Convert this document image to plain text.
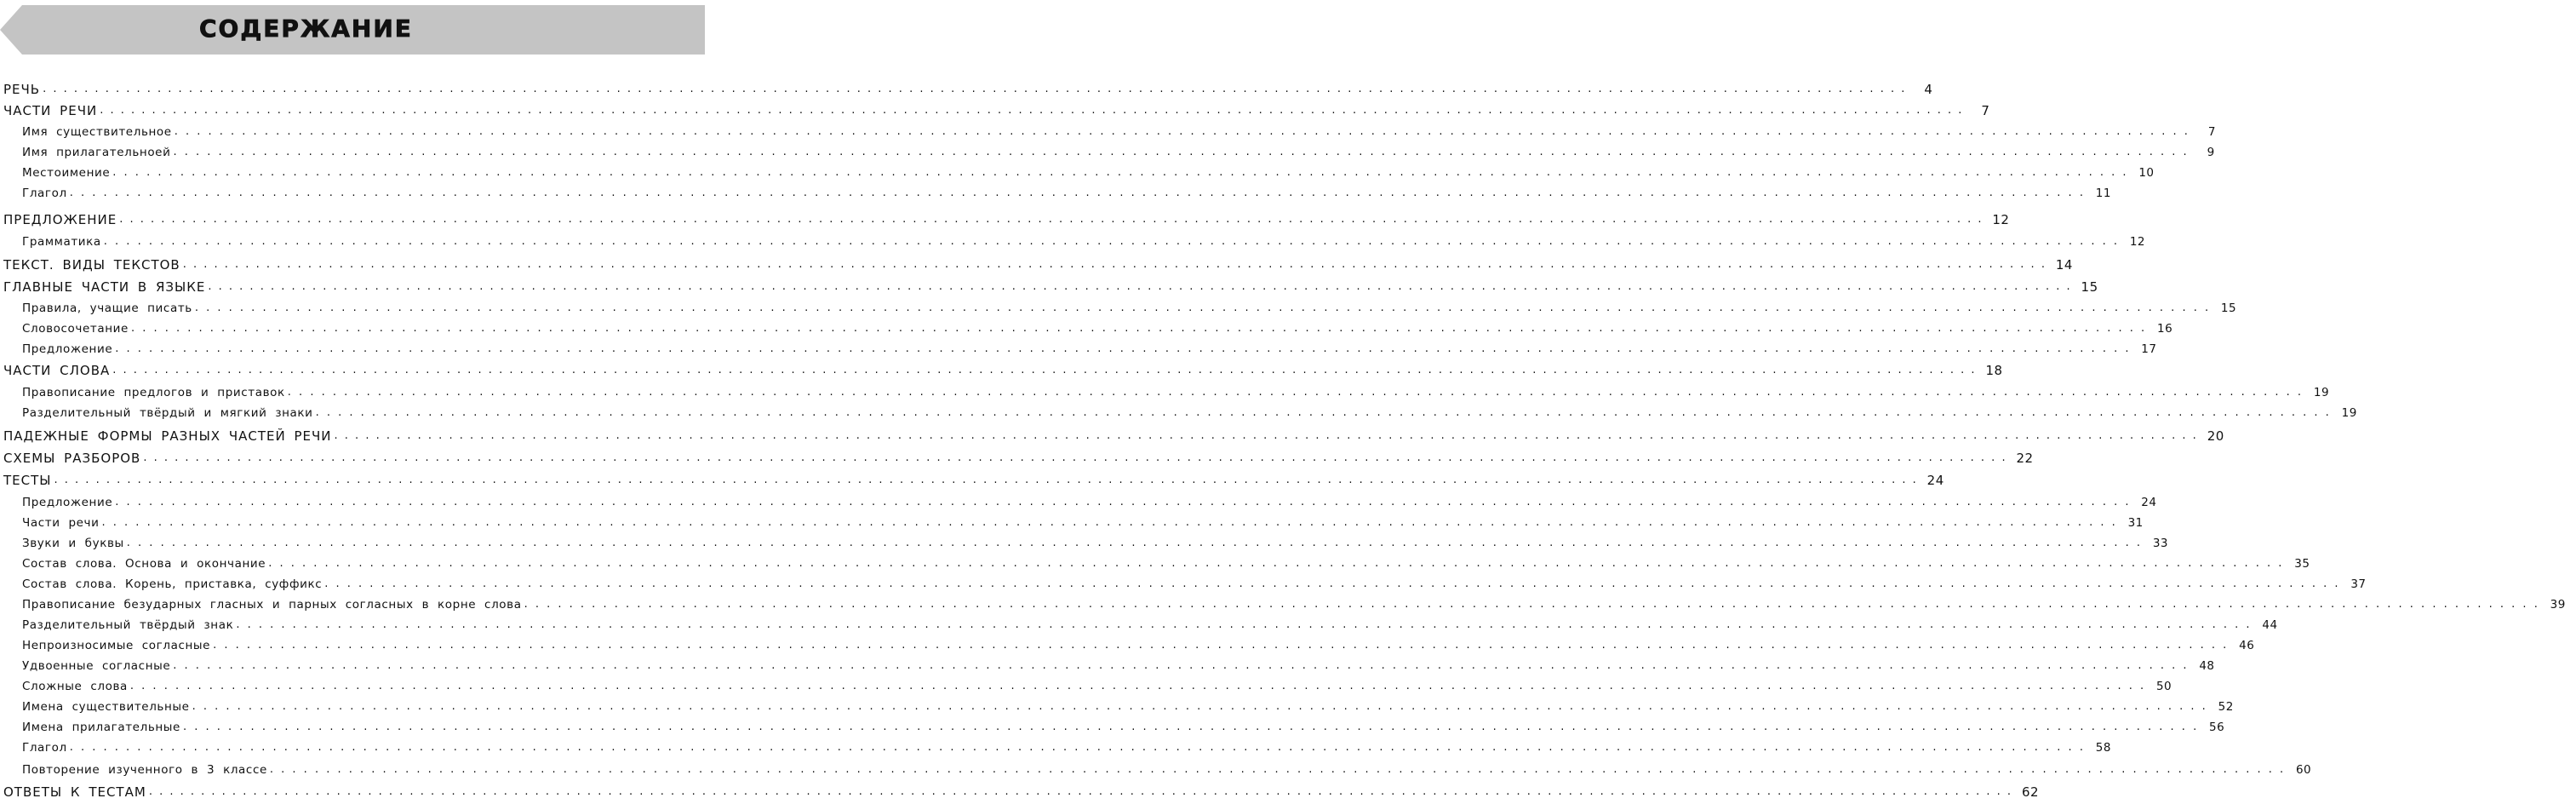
СОДЕРЖАНИЕ
РЕЧЬ . . .	4
ЧАСТИ РЕЧИ . . .	7
Имя существительное . . .	7
Имя прилагательноей . . .	9
Местоимение . . .	10
Глагол . . .	11
ПРЕДЛОЖЕНИЕ . . .	12
Грамматика . . .	12
ТЕКСТ. ВИДЫ ТЕКСТОВ . . .	14
ГЛАВНЫЕ ЧАСТИ В ЯЗЫКЕ . . .	15
Правила, учащие писать . . .	15
Словосочетание . . .	16
Предложение . . .	17
ЧАСТИ СЛОВА . . .	18
Правописание предлогов и приставок . . .	19
Разделительный твёрдый и мягкий знаки . . .	19
ПАДЕЖНЫЕ ФОРМЫ РАЗНЫХ ЧАСТЕЙ РЕЧИ . . .	20
СХЕМЫ РАЗБОРОВ . . .	22
ТЕСТЫ . . .	24
Предложение . . .	24
Части речи . . .	31
Звуки и буквы . . .	33
Состав слова. Основа и окончание . . .	35
Состав слова. Корень, приставка, суффикс . . .	37
Правописание безударных гласных и парных согласных в корне слова . . .	39
Разделительный твёрдый знак . . .	44
Непроизносимые согласные . . .	46
Удвоенные согласные . . .	48
Сложные слова . . .	50
Имена существительные . . .	52
Имена прилагательные . . .	56
Глагол . . .	58
Повторение изученного в 3 классе . . .	60
ОТВЕТЫ К ТЕСТАМ . . .	62
